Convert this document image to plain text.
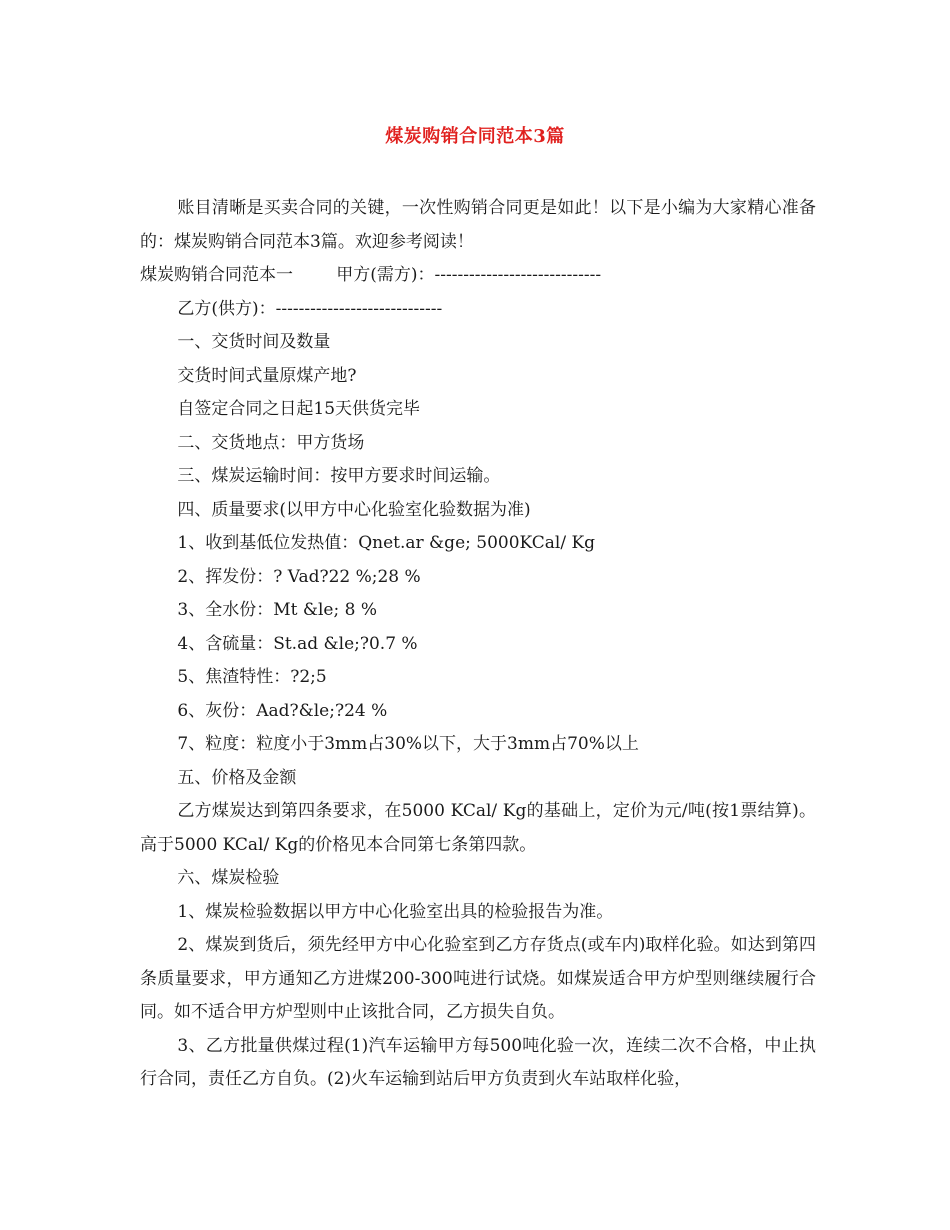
煤炭购销合同范本3篇

账目清晰是买卖合同的关键，一次性购销合同更是如此！以下是小编为大家精心准备的：煤炭购销合同范本3篇。欢迎参考阅读！

煤炭购销合同范本一	甲方(需方)：-----------------------------

乙方(供方)：-----------------------------

一、交货时间及数量

交货时间式量原煤产地?

自签定合同之日起15天供货完毕

二、交货地点：甲方货场

三、煤炭运输时间：按甲方要求时间运输。

四、质量要求(以甲方中心化验室化验数据为准)

1、收到基低位发热值：Qnet.ar &ge; 5000KCal/ Kg

2、挥发份：? Vad?22 %;28 %

3、全水份：Mt &le; 8 %

4、含硫量：St.ad &le;?0.7 %

5、焦渣特性：?2;5

6、灰份：Aad?&le;?24 %

7、粒度：粒度小于3mm占30%以下，大于3mm占70%以上

五、价格及金额

乙方煤炭达到第四条要求，在5000 KCal/ Kg的基础上，定价为元/吨(按1票结算)。高于5000 KCal/ Kg的价格见本合同第七条第四款。

六、煤炭检验

1、煤炭检验数据以甲方中心化验室出具的检验报告为准。

2、煤炭到货后，须先经甲方中心化验室到乙方存货点(或车内)取样化验。如达到第四条质量要求，甲方通知乙方进煤200-300吨进行试烧。如煤炭适合甲方炉型则继续履行合同。如不适合甲方炉型则中止该批合同，乙方损失自负。

3、乙方批量供煤过程(1)汽车运输甲方每500吨化验一次，连续二次不合格，中止执行合同，责任乙方自负。(2)火车运输到站后甲方负责到火车站取样化验，
